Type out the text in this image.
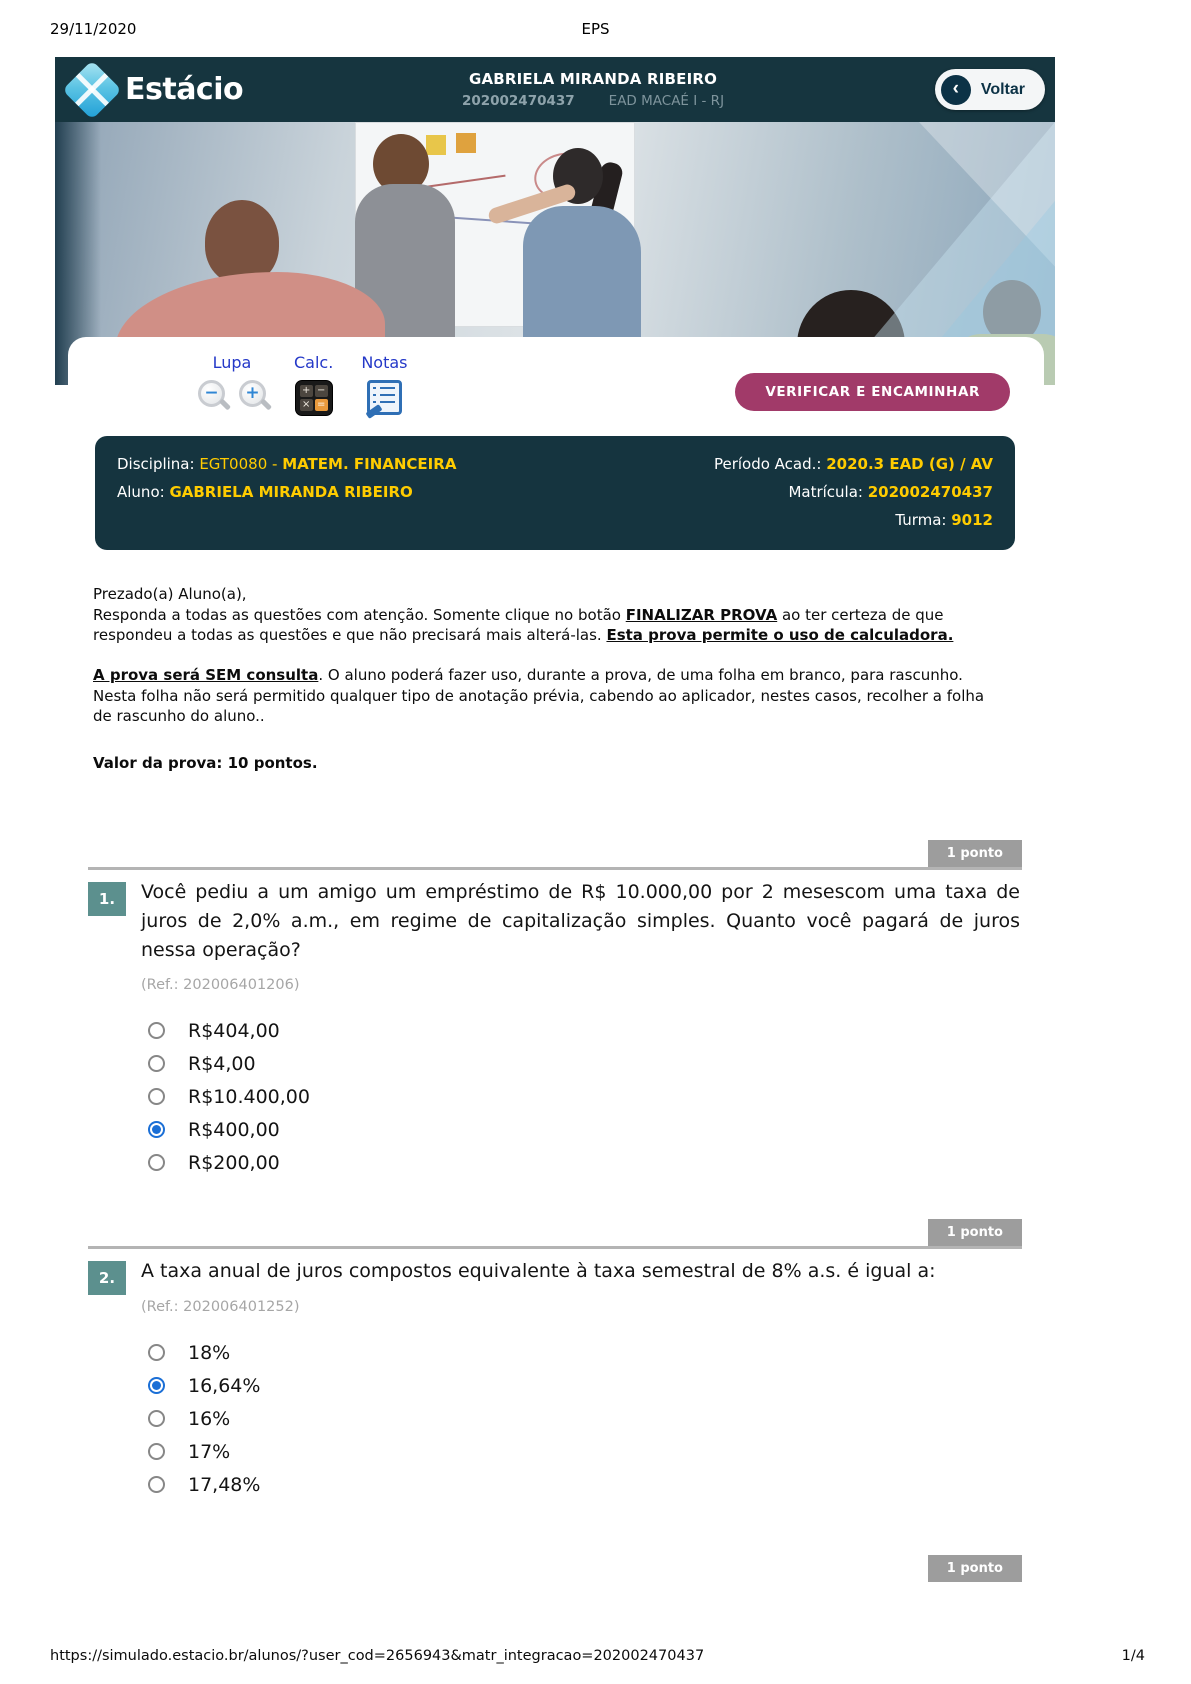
29/11/2020	EPS
Estácio	GABRIELA MIRANDA RIBEIRO
202002470437	EAD MACAÉ I - RJ
‹	Voltar
Lupa
− +
Calc.
+ −
× =
Notas
VERIFICAR E ENCAMINHAR
Disciplina: EGT0080 - MATEM. FINANCEIRA	Período Acad.: 2020.3 EAD (G) / AV
Aluno: GABRIELA MIRANDA RIBEIRO	Matrícula: 202002470437
Turma: 9012

Prezado(a) Aluno(a),

Responda a todas as questões com atenção. Somente clique no botão FINALIZAR PROVA ao ter certeza de que respondeu a todas as questões e que não precisará mais alterá-las. Esta prova permite o uso de calculadora.

A prova será SEM consulta. O aluno poderá fazer uso, durante a prova, de uma folha em branco, para rascunho. Nesta folha não será permitido qualquer tipo de anotação prévia, cabendo ao aplicador, nestes casos, recolher a folha de rascunho do aluno..

Valor da prova: 10 pontos.

1 ponto
1.	Você pediu a um amigo um empréstimo de R$ 10.000,00 por 2 mesescom uma taxa de juros de 2,0% a.m., em regime de capitalização simples. Quanto você pagará de juros nessa operação?
(Ref.: 202006401206)
R$404,00
R$4,00
R$10.400,00
R$400,00
R$200,00
1 ponto
2.	A taxa anual de juros compostos equivalente à taxa semestral de 8% a.s. é igual a:
(Ref.: 202006401252)
18%
16,64%
16%
17%
17,48%
1 ponto
https://simulado.estacio.br/alunos/?user_cod=2656943&matr_integracao=202002470437	1/4
